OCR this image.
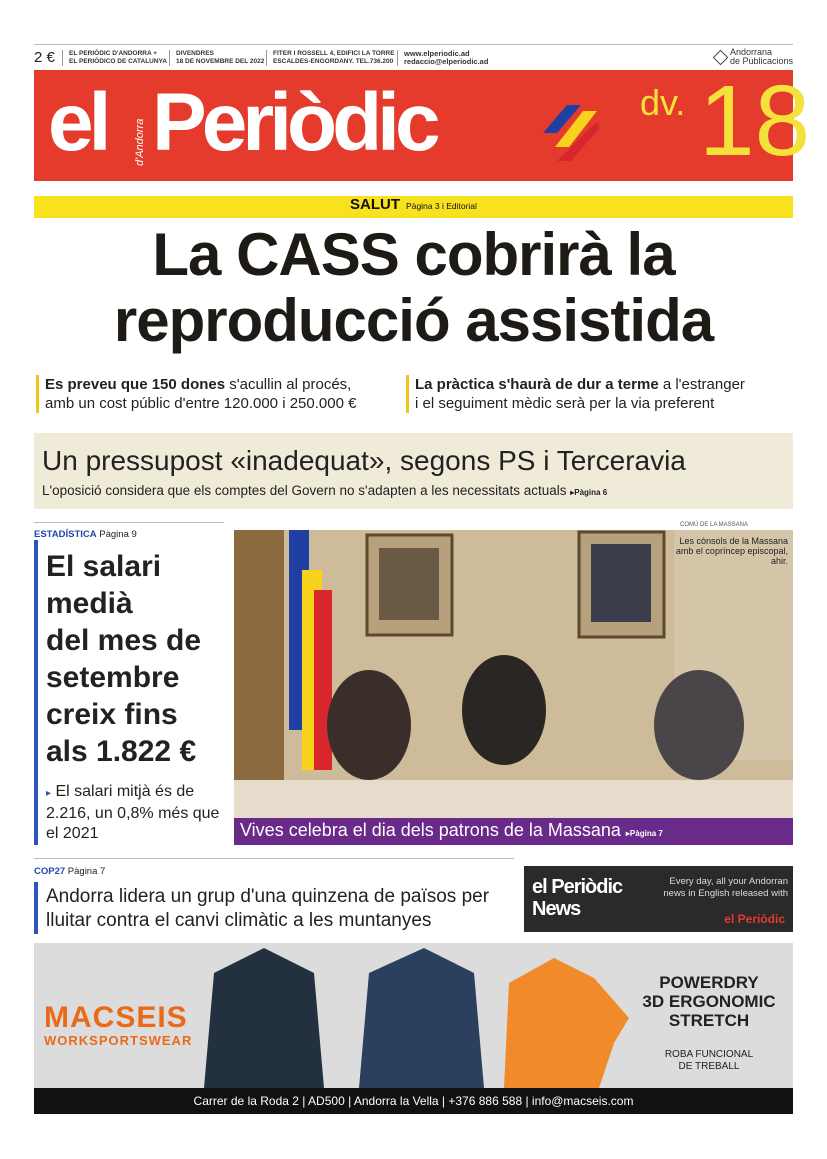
2 € EL PERIÒDIC D'ANDORRA +
EL PERIÓDICO DE CATALUNYA
DIVENDRES
18 DE NOVEMBRE DEL 2022
FITER I ROSSELL 4, EDIFICI LA TORRE
ESCALDES-ENGORDANY. TEL.736.200
www.elperiodic.ad
redaccio@elperiodic.ad
Andorrana
de Publicacions
el	d'Andorra Periòdic	dv. 18
SALUT Pàgina 3 i Editorial
La CASS cobrirà la
reproducció assistida
Es preveu que 150 dones s'acullin al procés,
amb un cost públic d'entre 120.000 i 250.000 €
La pràctica s'haurà de dur a terme a l'estranger
i el seguiment mèdic serà per la via preferent
Un pressupost «inadequat», segons PS i Terceravia
L'oposició considera que els comptes del Govern no s'adapten a les necessitats actuals ▸Pàgina 6
ESTADÍSTICA Pàgina 9
El salari
medià
del mes de
setembre
creix fins
als 1.822 €
▸ El salari mitjà és de 2.216, un 0,8% més que el 2021
COMÚ DE LA MASSANA
Les cònsols de la Massana amb el copríncep episcopal, ahir.
Vives celebra el dia dels patrons de la Massana ▸Pàgina 7
COP27 Pàgina 7
Andorra lidera un grup d'una quinzena de països per lluitar contra el canvi climàtic a les muntanyes
el Periòdic
News
Every day, all your Andorran news in English released with
el Periòdic
MACSEIS
WORKSPORTSWEAR
POWERDRY
3D ERGONOMIC
STRETCH
ROBA FUNCIONAL
DE TREBALL
Carrer de la Roda 2 | AD500 | Andorra la Vella | +376 886 588 | info@macseis.com
